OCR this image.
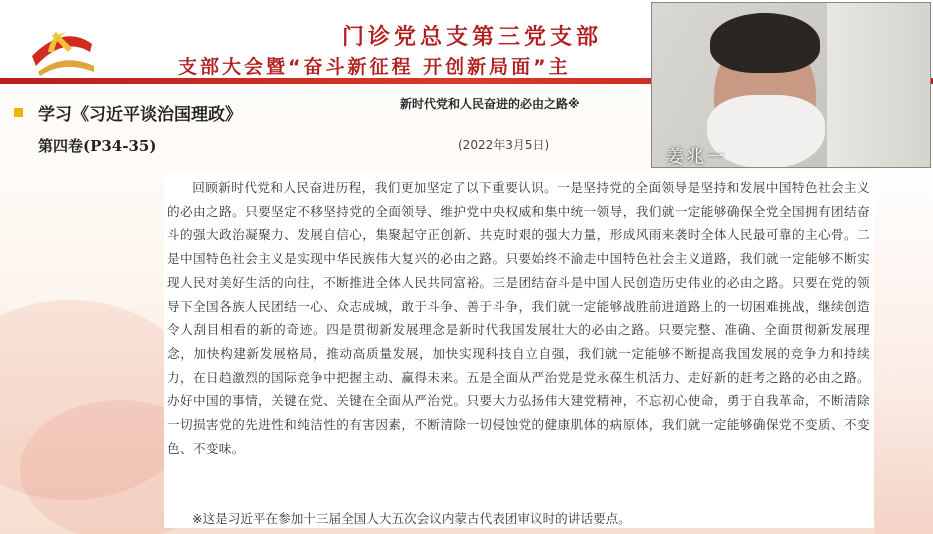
门诊党总支第三党支部
支部大会暨“奋斗新征程 开创新局面”主
学习《习近平谈治国理政》
第四卷(P34-35)
新时代党和人民奋进的必由之路※
(2022年3月5日)
回顾新时代党和人民奋进历程，我们更加坚定了以下重要认识。一是坚持党的全面领导是坚持和发展中国特色社会主义的必由之路。只要坚定不移坚持党的全面领导、维护党中央权威和集中统一领导，我们就一定能够确保全党全国拥有团结奋斗的强大政治凝聚力、发展自信心，集聚起守正创新、共克时艰的强大力量，形成风雨来袭时全体人民最可靠的主心骨。二是中国特色社会主义是实现中华民族伟大复兴的必由之路。只要始终不渝走中国特色社会主义道路，我们就一定能够不断实现人民对美好生活的向往，不断推进全体人民共同富裕。三是团结奋斗是中国人民创造历史伟业的必由之路。只要在党的领导下全国各族人民团结一心、众志成城，敢于斗争、善于斗争，我们就一定能够战胜前进道路上的一切困难挑战，继续创造令人刮目相看的新的奇迹。四是贯彻新发展理念是新时代我国发展壮大的必由之路。只要完整、准确、全面贯彻新发展理念，加快构建新发展格局，推动高质量发展，加快实现科技自立自强，我们就一定能够不断提高我国发展的竞争力和持续力，在日趋激烈的国际竞争中把握主动、赢得未来。五是全面从严治党是党永葆生机活力、走好新的赶考之路的必由之路。办好中国的事情，关键在党、关键在全面从严治党。只要大力弘扬伟大建党精神，不忘初心使命，勇于自我革命，不断清除一切损害党的先进性和纯洁性的有害因素，不断清除一切侵蚀党的健康肌体的病原体，我们就一定能够确保党不变质、不变色、不变味。
※这是习近平在参加十三届全国人大五次会议内蒙古代表团审议时的讲话要点。
姜兆一
